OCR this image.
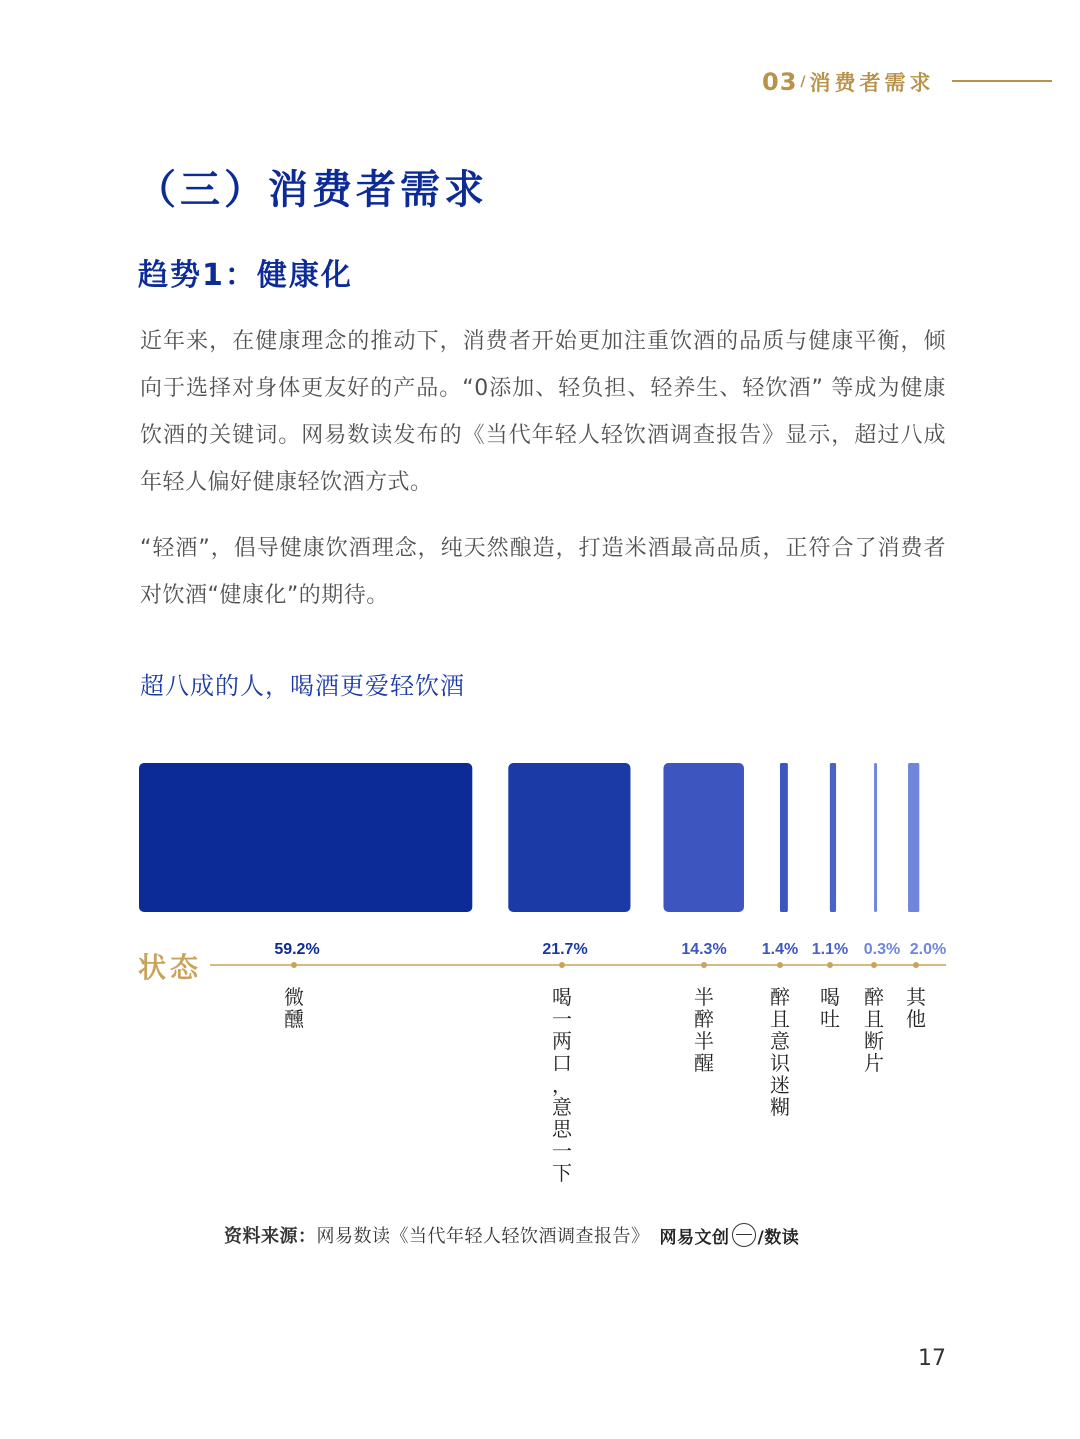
03 / 消费者需求
（三）消费者需求
趋势1：健康化

近年来，在健康理念的推动下，消费者开始更加注重饮酒的品质与健康平衡，倾向于选择对身体更友好的产品。“0添加、轻负担、轻养生、轻饮酒” 等成为健康饮酒的关键词。网易数读发布的《当代年轻人轻饮酒调查报告》显示，超过八成年轻人偏好健康轻饮酒方式。

“轻酒”，倡导健康饮酒理念，纯天然酿造，打造米酒最高品质，正符合了消费者对饮酒“健康化”的期待。

超八成的人，喝酒更爱轻饮酒
59.2%
微
醺
21.7%
喝
一
两
口
，
意
思
一
下
14.3%
半
醉
半
醒
1.4%
醉
且
意
识
迷
糊
1.1%
喝
吐
0.3%
醉
且
断
片
2.0%
其
他
状态
资料来源： 网易数读《当代年轻人轻饮酒调查报告》 网易文创 /数读
17
